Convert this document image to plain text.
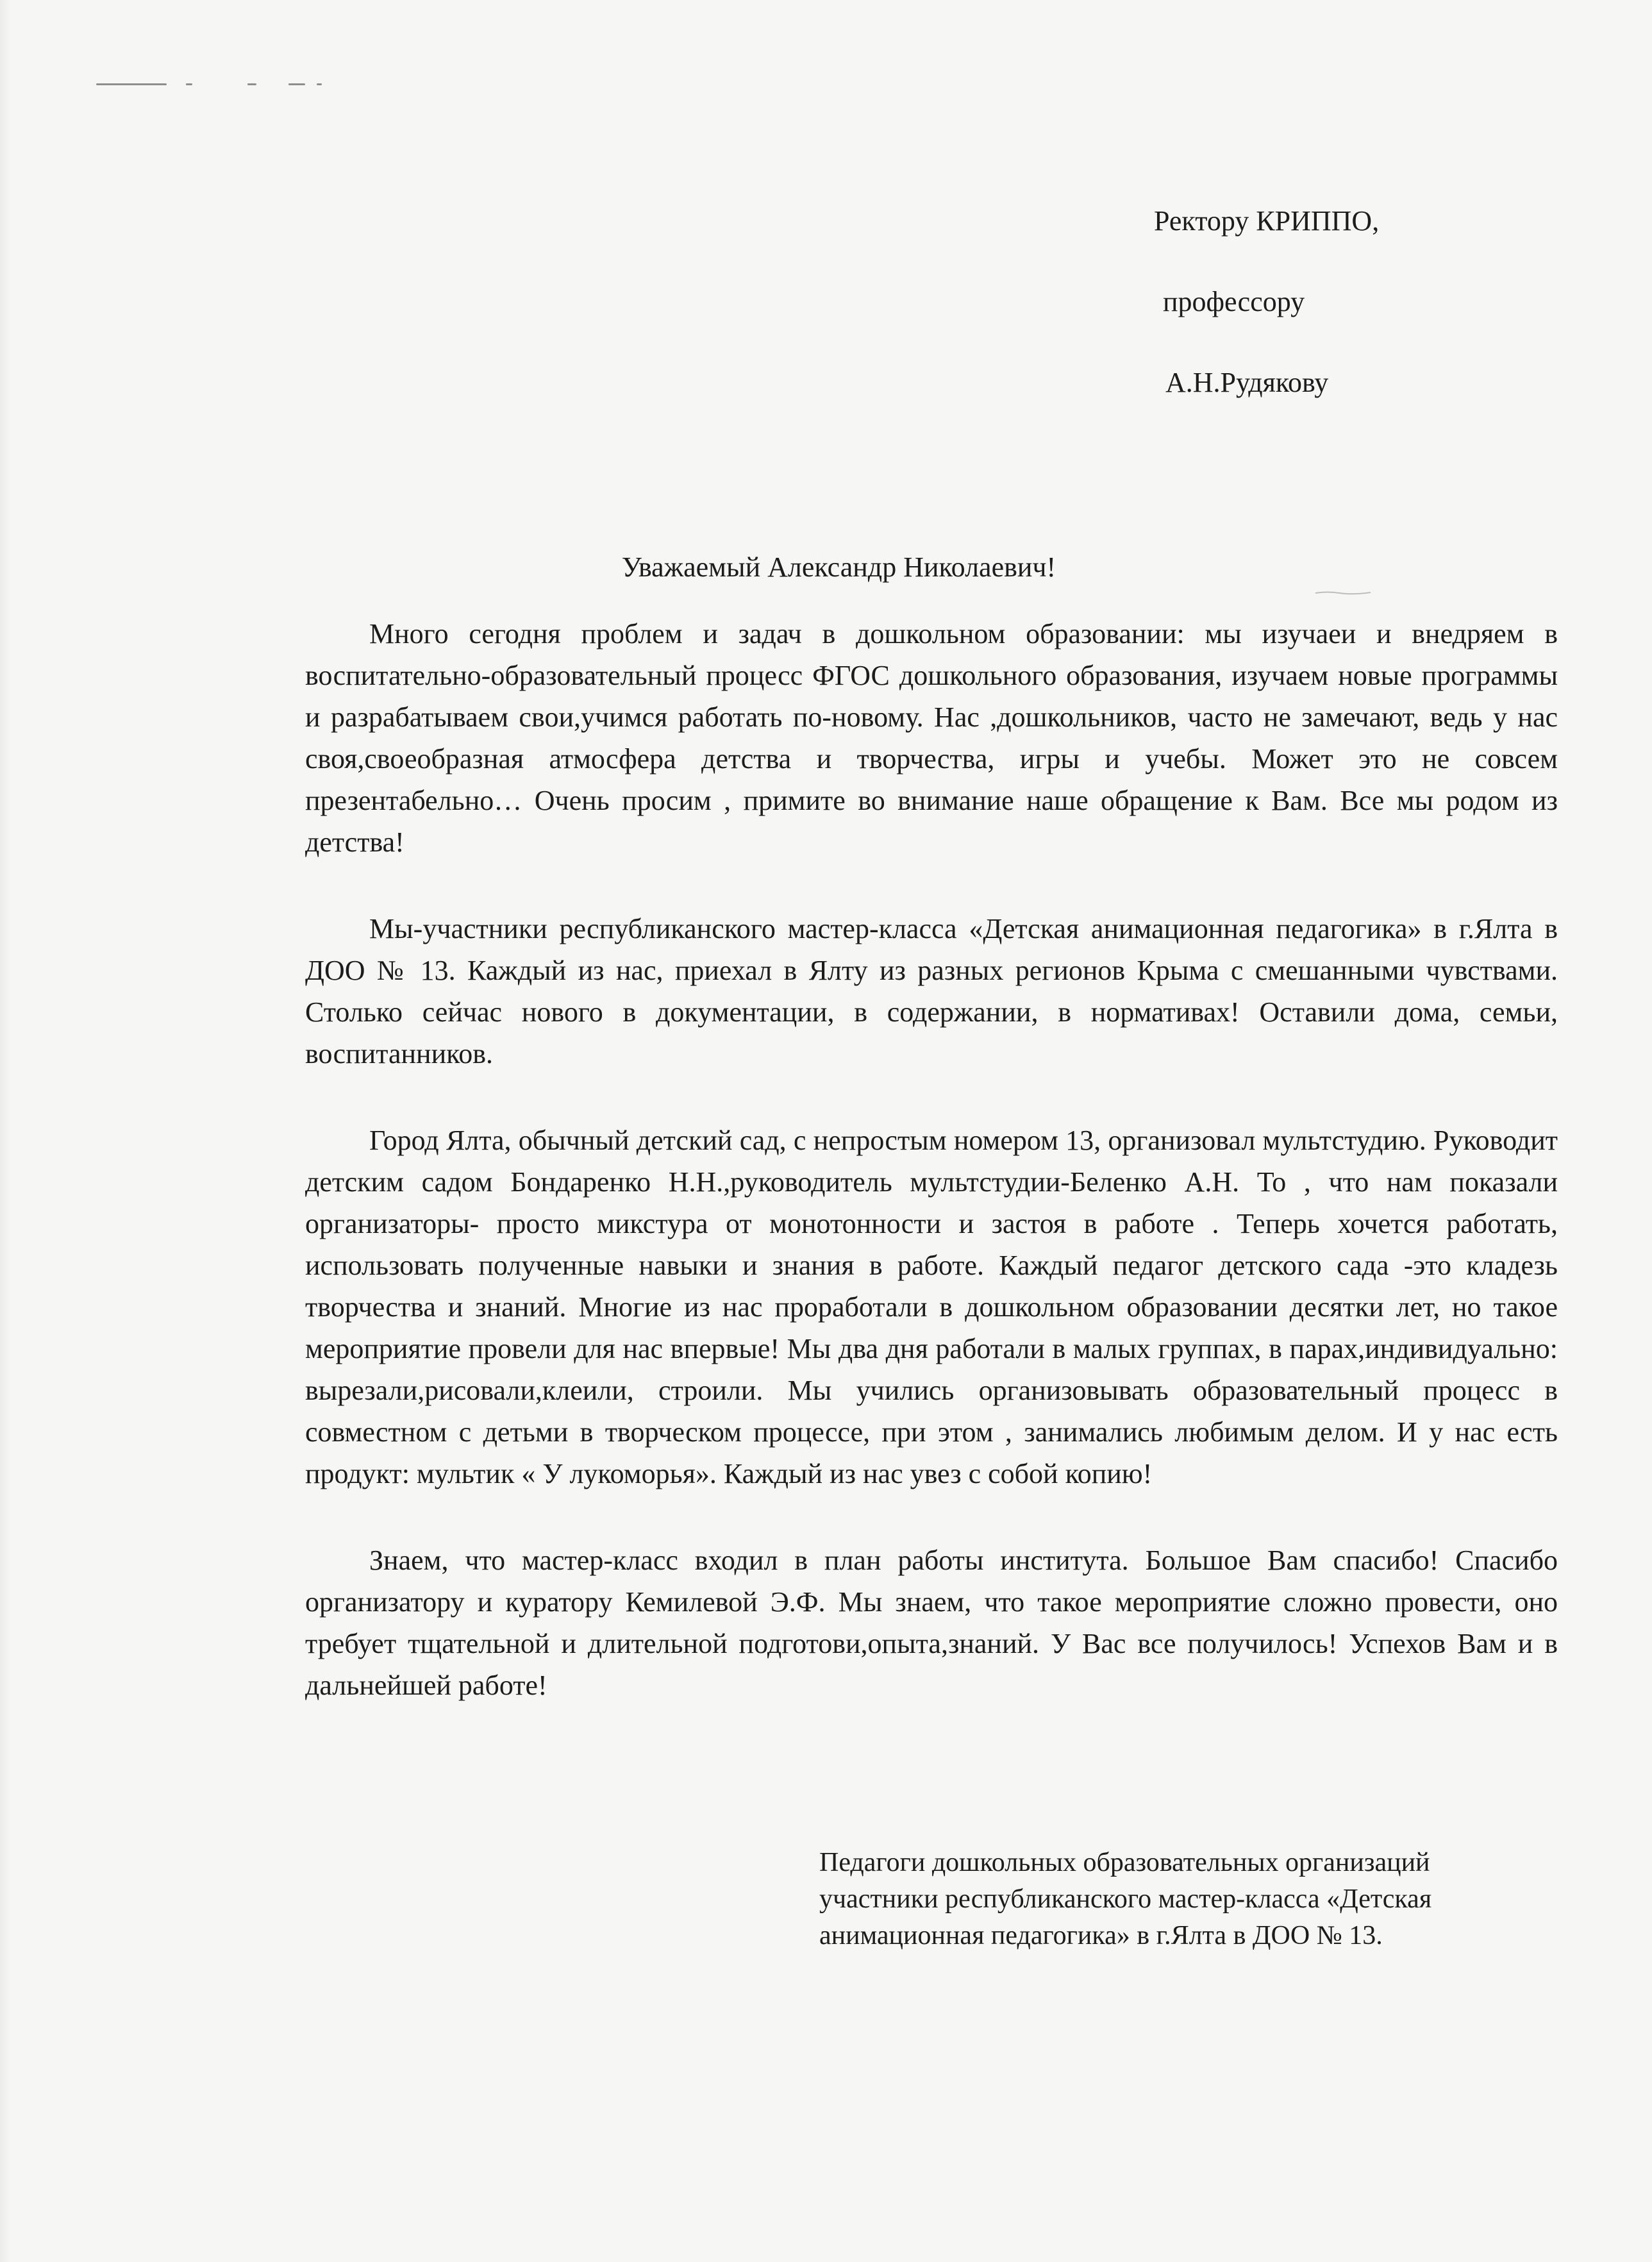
Ректору КРИППО,
профессору
А.Н.Рудякову
Уважаемый Александр Николаевич!

Много сегодня проблем и задач в дошкольном образовании: мы изучаеи и внедряем в воспитательно-образовательный процесс ФГОС дошкольного образования, изучаем новые программы и разрабатываем свои,учимся работать по-новому. Нас ,дошкольников, часто не замечают, ведь у нас своя,своеобразная атмосфера детства и творчества, игры и учебы. Может это не совсем презентабельно… Очень просим , примите во внимание наше обращение к Вам. Все мы родом из детства!

Мы-участники республиканского мастер-класса «Детская анимационная педагогика» в г.Ялта в ДОО № 13. Каждый из нас, приехал в Ялту из разных регионов Крыма с смешанными чувствами. Столько сейчас нового в документации, в содержании, в нормативах! Оставили дома, семьи, воспитанников.

Город Ялта, обычный детский сад, с непростым номером 13, организовал мультстудию. Руководит детским садом Бондаренко Н.Н.,руководитель мультстудии-Беленко А.Н. То , что нам показали организаторы- просто микстура от монотонности и застоя в работе . Теперь хочется работать, использовать полученные навыки и знания в работе. Каждый педагог детского сада -это кладезь творчества и знаний. Многие из нас проработали в дошкольном образовании десятки лет, но такое мероприятие провели для нас впервые! Мы два дня работали в малых группах, в парах,индивидуально: вырезали,рисовали,клеили, строили. Мы учились организовывать образовательный процесс в совместном с детьми в творческом процессе, при этом , занимались любимым делом. И у нас есть продукт: мультик « У лукоморья». Каждый из нас увез с собой копию!

Знаем, что мастер-класс входил в план работы института. Большое Вам спасибо! Спасибо организатору и куратору Кемилевой Э.Ф. Мы знаем, что такое мероприятие сложно провести, оно требует тщательной и длительной подготови,опыта,знаний. У Вас все получилось! Успехов Вам и в дальнейшей работе!

Педагоги дошкольных образовательных организаций
участники республиканского мастер-класса «Детская
анимационная педагогика» в г.Ялта в ДОО № 13.
